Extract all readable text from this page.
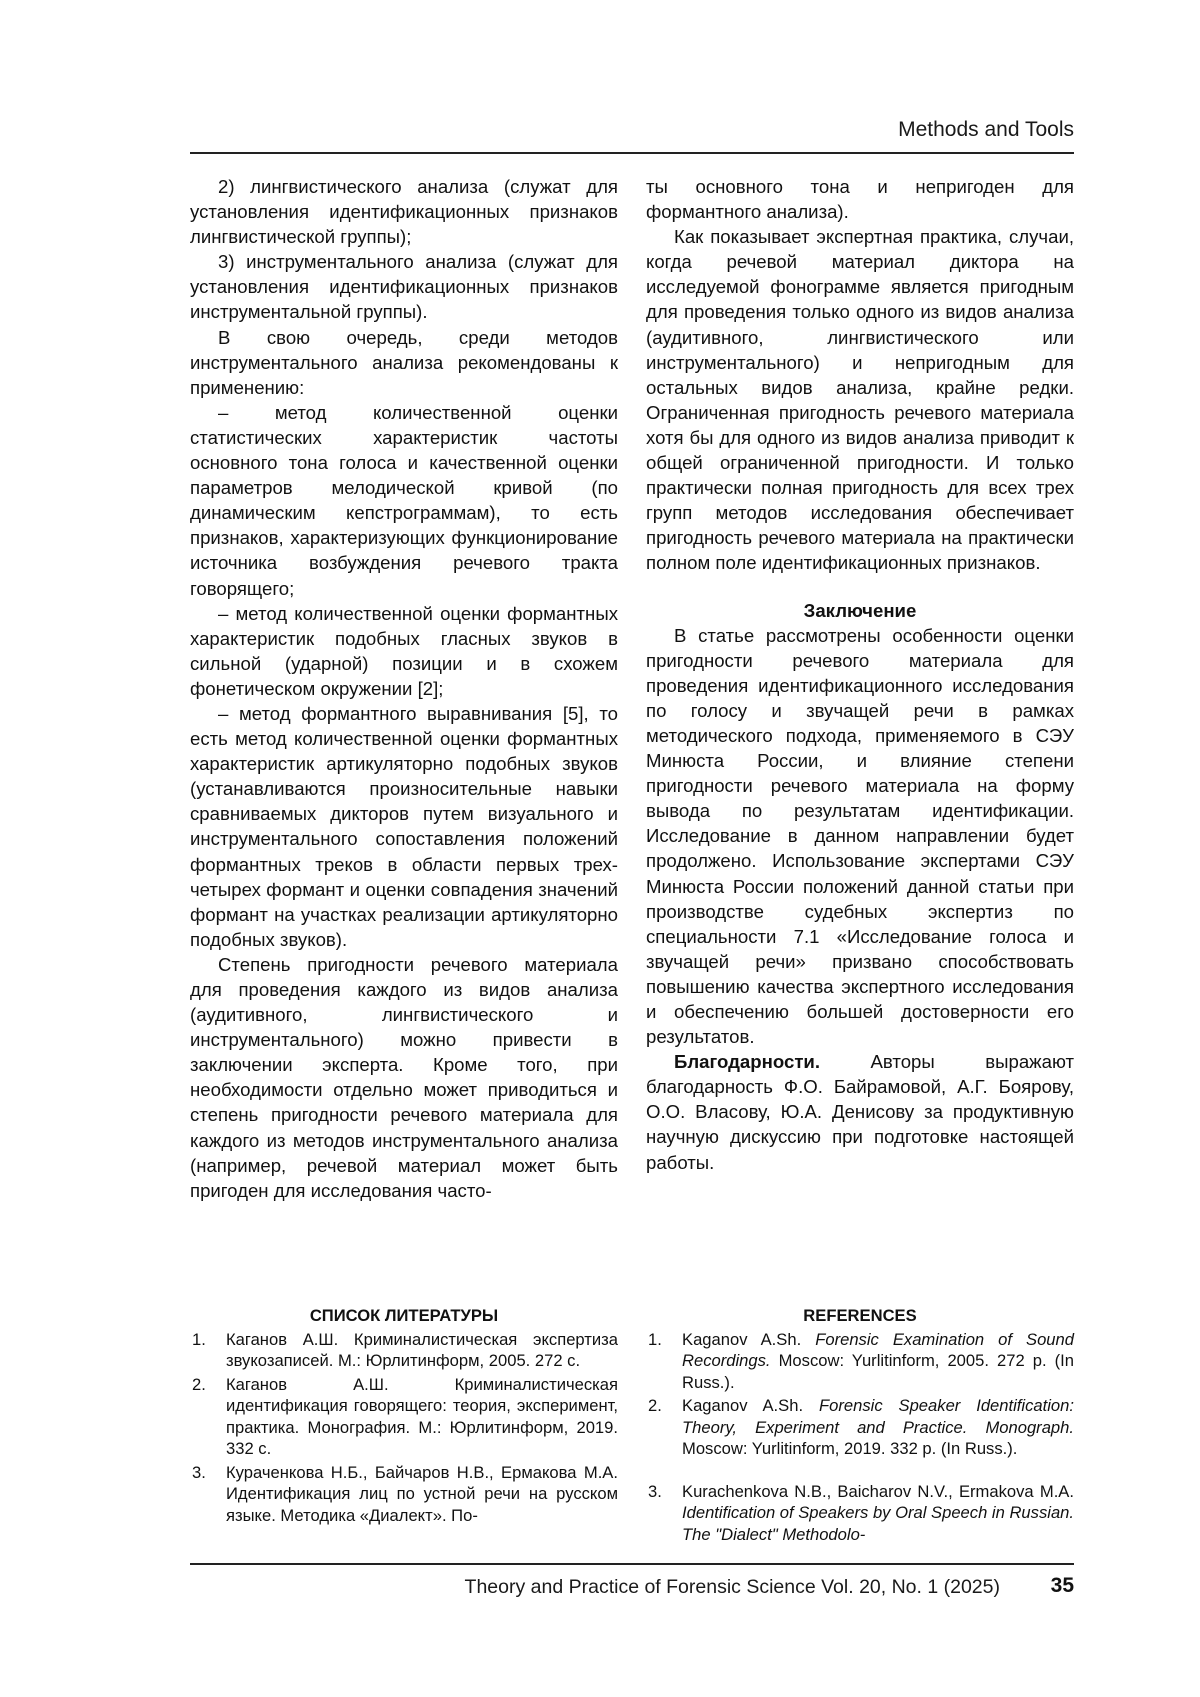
Methods and Tools

2) лингвистического анализа (служат для установления идентификационных признаков лингвистической группы);

3) инструментального анализа (служат для установления идентификационных признаков инструментальной группы).

В свою очередь, среди методов инструментального анализа рекомендованы к применению:

– метод количественной оценки статистических характеристик частоты основного тона голоса и качественной оценки параметров мелодической кривой (по динамическим кепстрограммам), то есть признаков, характеризующих функционирование источника возбуждения речевого тракта говорящего;

– метод количественной оценки формантных характеристик подобных гласных звуков в сильной (ударной) позиции и в схожем фонетическом окружении [2];

– метод формантного выравнивания [5], то есть метод количественной оценки формантных характеристик артикуляторно подобных звуков (устанавливаются произносительные навыки сравниваемых дикторов путем визуального и инструментального сопоставления положений формантных треков в области первых трех-четырех формант и оценки совпадения значений формант на участках реализации артикуляторно подобных звуков).

Степень пригодности речевого материала для проведения каждого из видов анализа (аудитивного, лингвистического и инструментального) можно привести в заключении эксперта. Кроме того, при необходимости отдельно может приводиться и степень пригодности речевого материала для каждого из методов инструментального анализа (например, речевой материал может быть пригоден для исследования часто-

ты основного тона и непригоден для формантного анализа).

Как показывает экспертная практика, случаи, когда речевой материал диктора на исследуемой фонограмме является пригодным для проведения только одного из видов анализа (аудитивного, лингвистического или инструментального) и непригодным для остальных видов анализа, крайне редки. Ограниченная пригодность речевого материала хотя бы для одного из видов анализа приводит к общей ограниченной пригодности. И только практически полная пригодность для всех трех групп методов исследования обеспечивает пригодность речевого материала на практически полном поле идентификационных признаков.

Заключение

В статье рассмотрены особенности оценки пригодности речевого материала для проведения идентификационного исследования по голосу и звучащей речи в рамках методического подхода, применяемого в СЭУ Минюста России, и влияние степени пригодности речевого материала на форму вывода по результатам идентификации. Исследование в данном направлении будет продолжено. Использование экспертами СЭУ Минюста России положений данной статьи при производстве судебных экспертиз по специальности 7.1 «Исследование голоса и звучащей речи» призвано способствовать повышению качества экспертного исследования и обеспечению большей достоверности его результатов.

Благодарности. Авторы выражают благодарность Ф.О. Байрамовой, А.Г. Боярову, О.О. Власову, Ю.А. Денисову за продуктивную научную дискуссию при подготовке настоящей работы.

СПИСОК ЛИТЕРАТУРЫ
1.	Каганов А.Ш. Криминалистическая экспертиза звукозаписей. М.: Юрлитинформ, 2005. 272 с.
2.	Каганов А.Ш. Криминалистическая идентификация говорящего: теория, эксперимент, практика. Монография. М.: Юрлитинформ, 2019. 332 с.
3.	Кураченкова Н.Б., Байчаров Н.В., Ермакова М.А. Идентификация лиц по устной речи на русском языке. Методика «Диалект». По-
REFERENCES
1.	Kaganov A.Sh. Forensic Examination of Sound Recordings. Moscow: Yurlitinform, 2005. 272 p. (In Russ.).
2.	Kaganov A.Sh. Forensic Speaker Identification: Theory, Experiment and Practice. Monograph. Moscow: Yurlitinform, 2019. 332 p. (In Russ.).
3.	Kurachenkova N.B., Baicharov N.V., Ermakova M.A. Identification of Speakers by Oral Speech in Russian. The "Dialect" Methodolo-
Theory and Practice of Forensic Science Vol. 20, No. 1 (2025)	35
